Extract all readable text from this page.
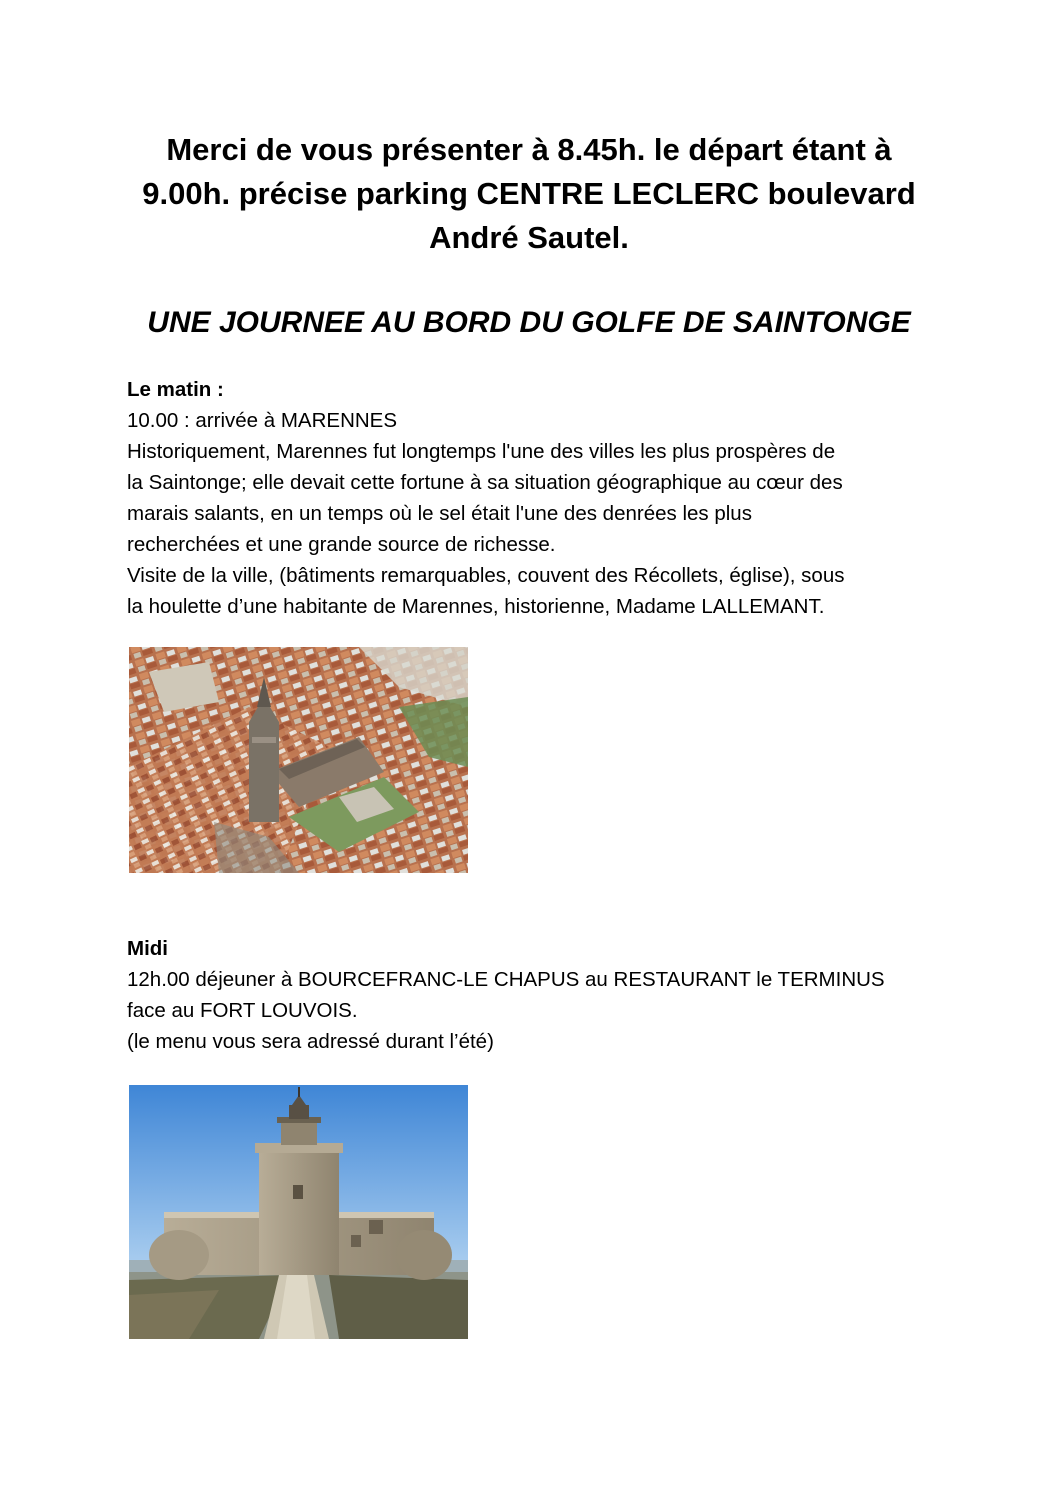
Merci de vous présenter à 8.45h. le départ étant à

9.00h. précise parking CENTRE LECLERC boulevard

André Sautel.

UNE JOURNEE AU BORD DU GOLFE DE SAINTONGE

Le matin :

10.00 : arrivée à MARENNES

Historiquement, Marennes fut longtemps l'une des villes les plus prospères de

la Saintonge; elle devait cette fortune à sa situation géographique au cœur des

marais salants, en un temps où le sel était l'une des denrées les plus

recherchées et une grande source de richesse.

Visite de la ville, (bâtiments remarquables, couvent des Récollets, église), sous

la houlette d’une habitante de Marennes, historienne, Madame LALLEMANT.

Midi

12h.00 déjeuner à BOURCEFRANC-LE CHAPUS au RESTAURANT le TERMINUS

face au FORT LOUVOIS.

(le menu vous sera adressé durant l’été)
